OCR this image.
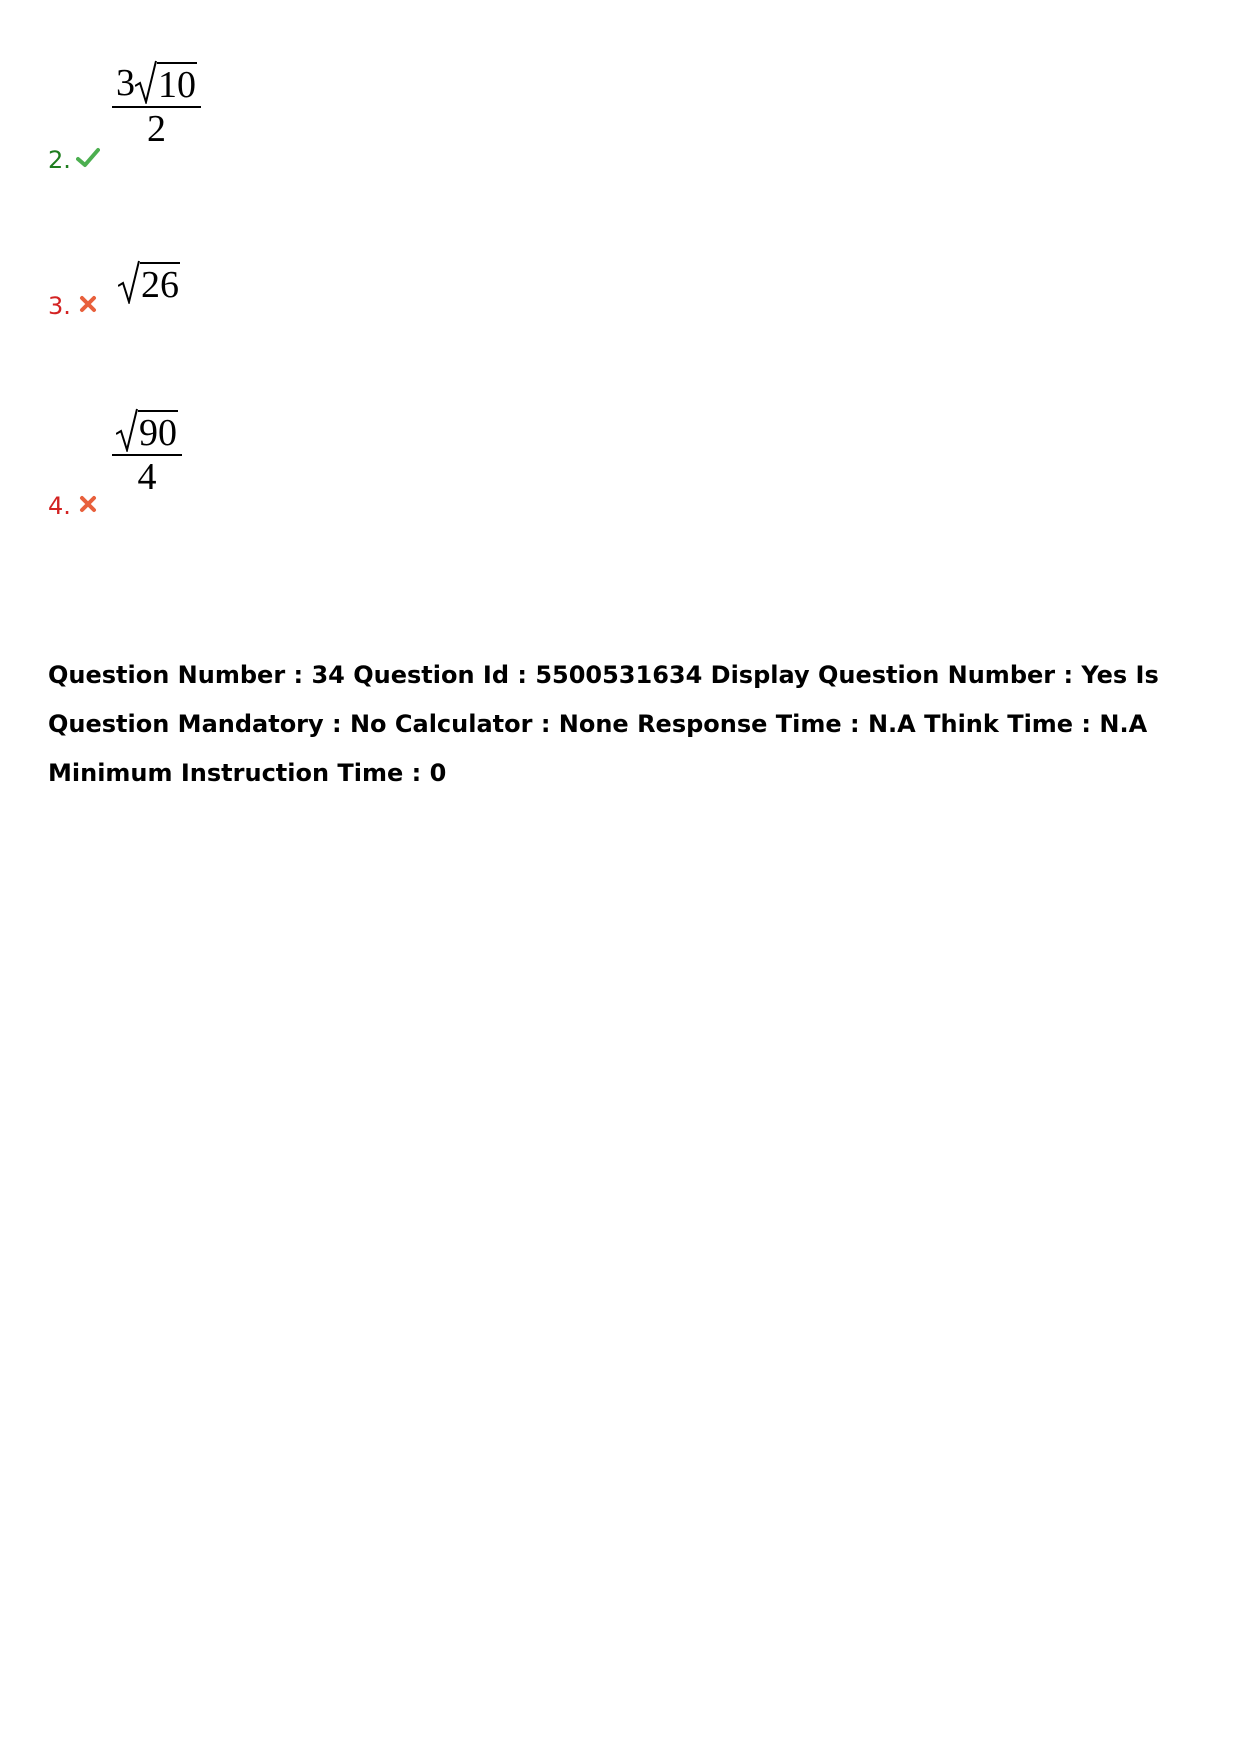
2.
3 10
2
3. 26
4.
90
4
Question Number : 34 Question Id : 5500531634 Display Question Number : Yes Is Question Mandatory : No Calculator : None Response Time : N.A Think Time : N.A Minimum Instruction Time : 0
